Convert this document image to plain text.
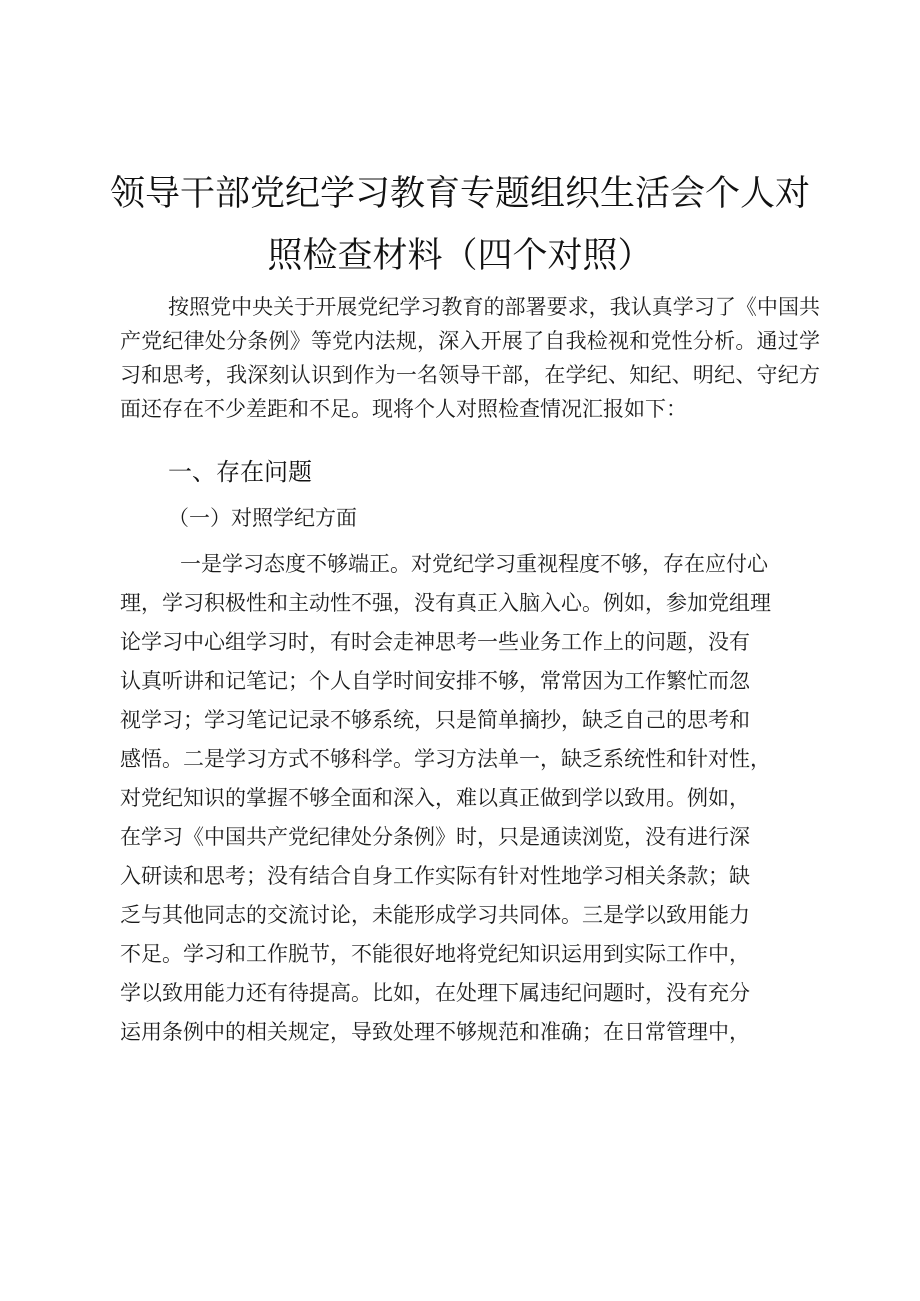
领导干部党纪学习教育专题组织生活会个人对
照检查材料（四个对照）
按照党中央关于开展党纪学习教育的部署要求，我认真学习了《中国共产党纪律处分条例》等党内法规，深入开展了自我检视和党性分析。通过学习和思考，我深刻认识到作为一名领导干部，在学纪、知纪、明纪、守纪方面还存在不少差距和不足。现将个人对照检查情况汇报如下：
一、存在问题
（一）对照学纪方面
一是学习态度不够端正。对党纪学习重视程度不够，存在应付心
理，学习积极性和主动性不强，没有真正入脑入心。例如，参加党组理
论学习中心组学习时，有时会走神思考一些业务工作上的问题，没有
认真听讲和记笔记；个人自学时间安排不够，常常因为工作繁忙而忽
视学习；学习笔记记录不够系统，只是简单摘抄，缺乏自己的思考和
感悟。二是学习方式不够科学。学习方法单一，缺乏系统性和针对性，
对党纪知识的掌握不够全面和深入，难以真正做到学以致用。例如，
在学习《中国共产党纪律处分条例》时，只是通读浏览，没有进行深
入研读和思考；没有结合自身工作实际有针对性地学习相关条款；缺
乏与其他同志的交流讨论，未能形成学习共同体。三是学以致用能力
不足。学习和工作脱节，不能很好地将党纪知识运用到实际工作中，
学以致用能力还有待提高。比如，在处理下属违纪问题时，没有充分
运用条例中的相关规定，导致处理不够规范和准确；在日常管理中，
